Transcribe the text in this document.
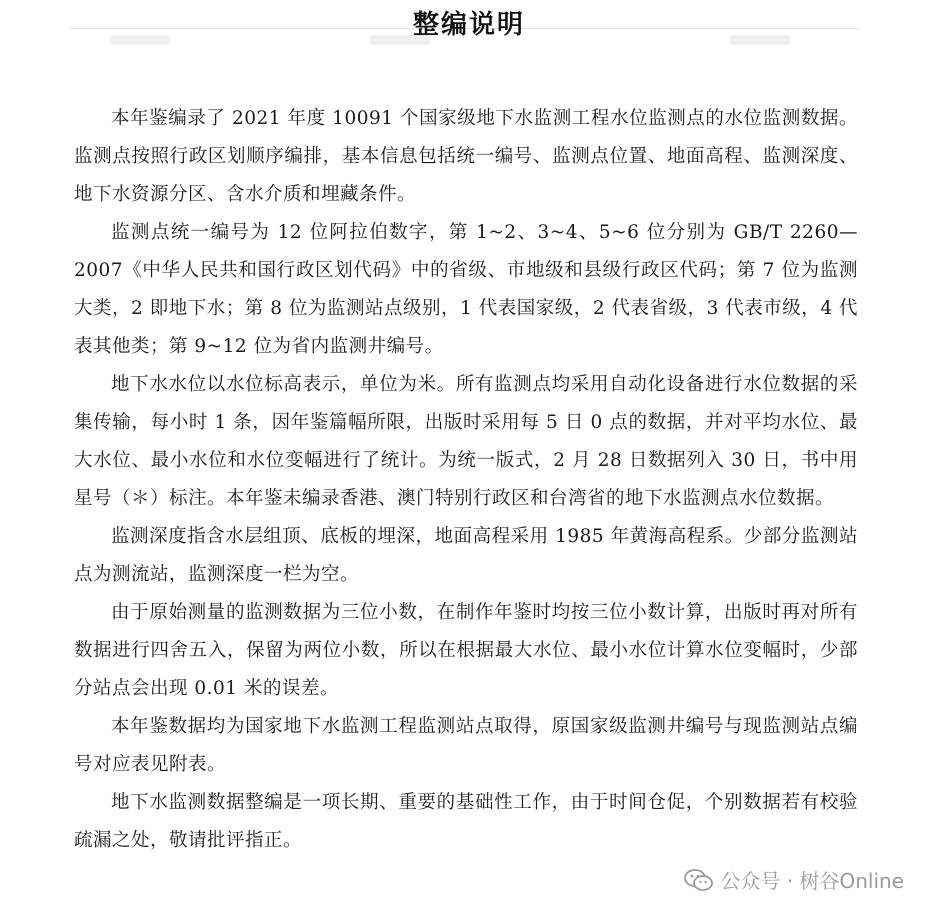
整编说明

本年鉴编录了 2021 年度 10091 个国家级地下水监测工程水位监测点的水位监测数据。监测点按照行政区划顺序编排，基本信息包括统一编号、监测点位置、地面高程、监测深度、地下水资源分区、含水介质和埋藏条件。

监测点统一编号为 12 位阿拉伯数字，第 1~2、3~4、5~6 位分别为 GB/T 2260—2007《中华人民共和国行政区划代码》中的省级、市地级和县级行政区代码；第 7 位为监测大类，2 即地下水；第 8 位为监测站点级别，1 代表国家级，2 代表省级，3 代表市级，4 代表其他类；第 9~12 位为省内监测井编号。

地下水水位以水位标高表示，单位为米。所有监测点均采用自动化设备进行水位数据的采集传输，每小时 1 条，因年鉴篇幅所限，出版时采用每 5 日 0 点的数据，并对平均水位、最大水位、最小水位和水位变幅进行了统计。为统一版式，2 月 28 日数据列入 30 日，书中用星号（＊）标注。本年鉴未编录香港、澳门特别行政区和台湾省的地下水监测点水位数据。

监测深度指含水层组顶、底板的埋深，地面高程采用 1985 年黄海高程系。少部分监测站点为测流站，监测深度一栏为空。

由于原始测量的监测数据为三位小数，在制作年鉴时均按三位小数计算，出版时再对所有数据进行四舍五入，保留为两位小数，所以在根据最大水位、最小水位计算水位变幅时，少部分站点会出现 0.01 米的误差。

本年鉴数据均为国家地下水监测工程监测站点取得，原国家级监测井编号与现监测站点编号对应表见附表。

地下水监测数据整编是一项长期、重要的基础性工作，由于时间仓促，个别数据若有校验疏漏之处，敬请批评指正。

公众号 · 树谷Online
